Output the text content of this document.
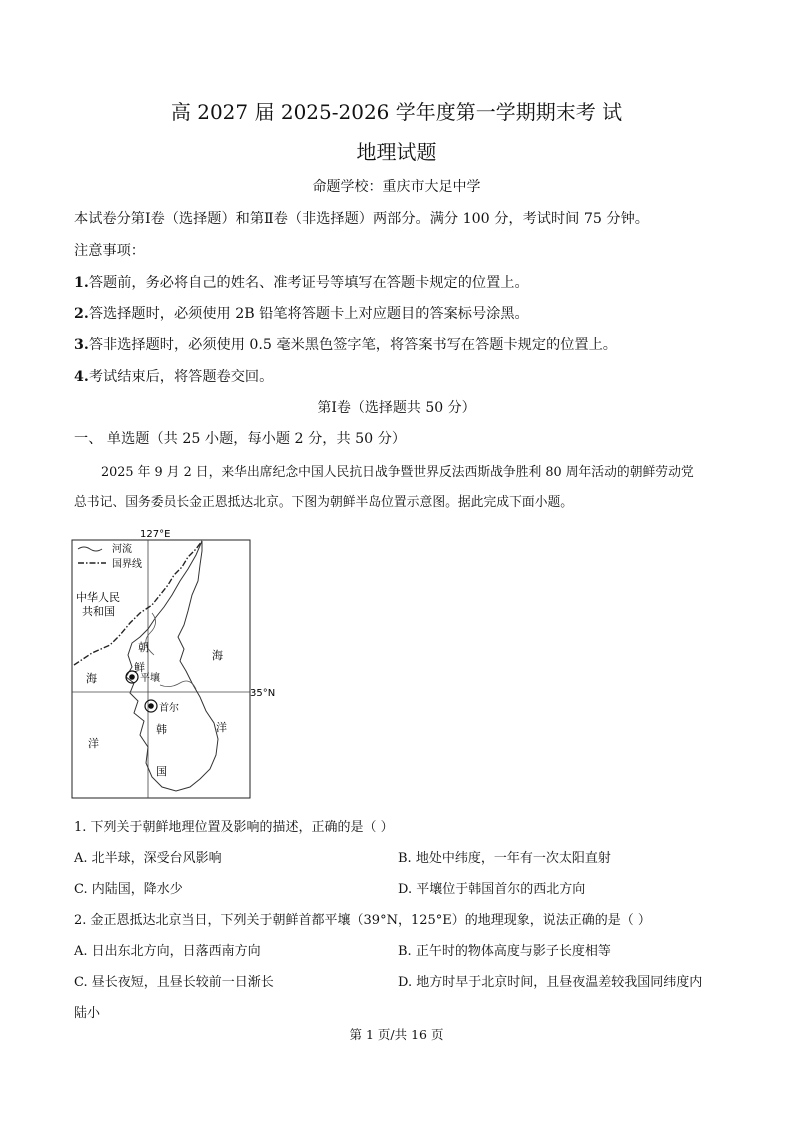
高 2027 届 2025-2026 学年度第一学期期末考 试
地理试题
命题学校：重庆市大足中学
本试卷分第Ⅰ卷（选择题）和第Ⅱ卷（非选择题）两部分。满分 100 分，考试时间 75 分钟。
注意事项：
1.答题前，务必将自己的姓名、准考证号等填写在答题卡规定的位置上。
2.答选择题时，必须使用 2B 铅笔将答题卡上对应题目的答案标号涂黑。
3.答非选择题时，必须使用 0.5 毫米黑色签字笔，将答案书写在答题卡规定的位置上。
4.考试结束后，将答题卷交回。
第Ⅰ卷（选择题共 50 分）
一、 单选题（共 25 小题，每小题 2 分，共 50 分）
2025 年 9 月 2 日，来华出席纪念中国人民抗日战争暨世界反法西斯战争胜利 80 周年活动的朝鲜劳动党
总书记、国务委员长金正恩抵达北京。下图为朝鲜半岛位置示意图。据此完成下面小题。
127°E
河流
国界线
35°N
中华人民
共和国
朝
鲜
海
海
平壤
首尔
韩
国
洋
洋
1. 下列关于朝鲜地理位置及影响的描述，正确的是（ ）
A. 北半球，深受台风影响	B. 地处中纬度，一年有一次太阳直射
C. 内陆国，降水少	D. 平壤位于韩国首尔的西北方向
2. 金正恩抵达北京当日，下列关于朝鲜首都平壤（39°N，125°E）的地理现象，说法正确的是（ ）
A. 日出东北方向，日落西南方向	B. 正午时的物体高度与影子长度相等
C. 昼长夜短，且昼长较前一日渐长	D. 地方时早于北京时间，且昼夜温差较我国同纬度内
陆小
第 1 页/共 16 页
